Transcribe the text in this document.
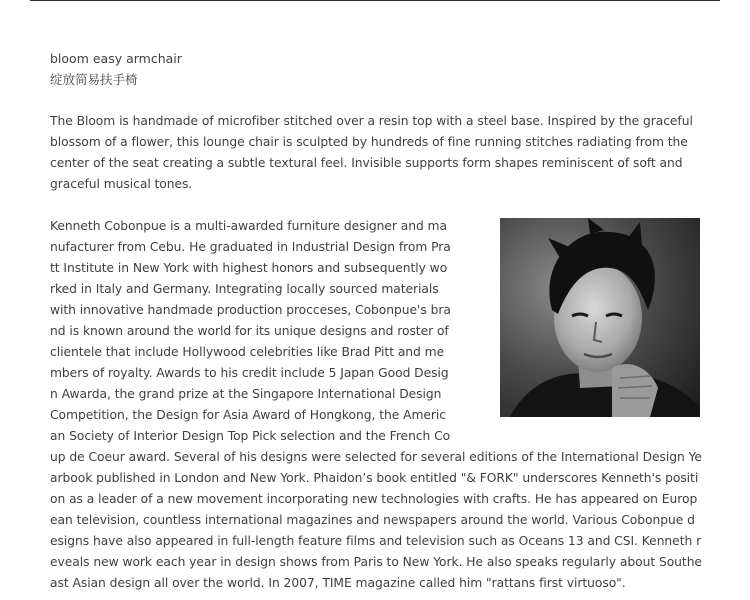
bloom easy armchair

绽放简易扶手椅

The Bloom is handmade of microfiber stitched over a resin top with a steel base. Inspired by the graceful blossom of a flower, this lounge chair is sculpted by hundreds of fine running stitches radiating from the center of the seat creating a subtle textural feel. Invisible supports form shapes reminiscent of soft and graceful musical tones.

Kenneth Cobonpue is a multi-awarded furniture designer and manufacturer from Cebu. He graduated in Industrial Design from Pratt Institute in New York with highest honors and subsequently worked in Italy and Germany. Integrating locally sourced materials with innovative handmade production procceses, Cobonpue's brand is known around the world for its unique designs and roster of clientele that include Hollywood celebrities like Brad Pitt and members of royalty. Awards to his credit include 5 Japan Good Design Awarda, the grand prize at the Singapore International Design Competition, the Design for Asia Award of Hongkong, the American Society of Interior Design Top Pick selection and the French Coup de Coeur award. Several of his designs were selected for several editions of the International Design Yearbook published in London and New York. Phaidon’s book entitled "& FORK" underscores Kenneth's position as a leader of a new movement incorporating new technologies with crafts. He has appeared on European television, countless international magazines and newspapers around the world. Various Cobonpue designs have also appeared in full-length feature films and television such as Oceans 13 and CSI. Kenneth reveals new work each year in design shows from Paris to New York. He also speaks regularly about Southeast Asian design all over the world. In 2007, TIME magazine called him "rattans first virtuoso".
